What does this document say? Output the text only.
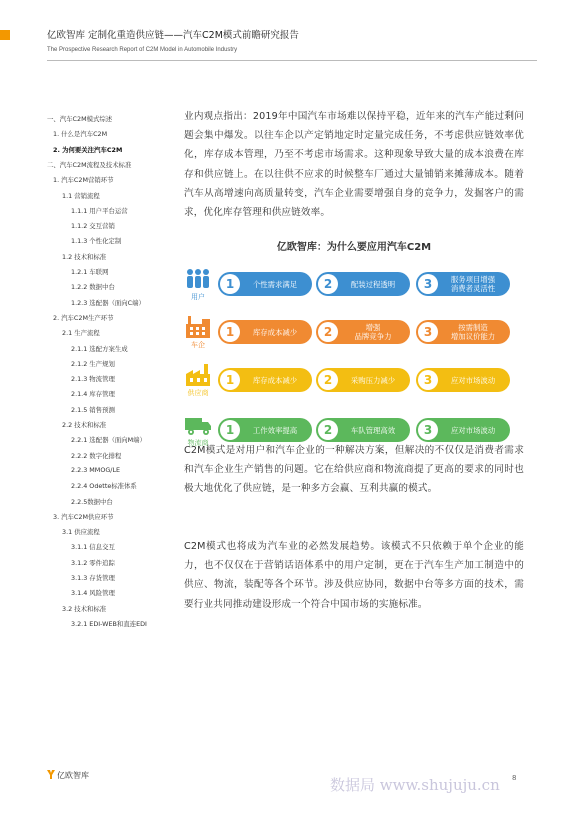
亿欧智库 定制化重造供应链——汽车C2M模式前瞻研究报告
The Prospective Research Report of C2M Model in Automobile Industry
一、汽车C2M模式综述
1. 什么是汽车C2M
2. 为何要关注汽车C2M
二、汽车C2M流程及技术标准
1. 汽车C2M营销环节
1.1 营销流程
1.1.1 用户平台运营
1.1.2 交互营销
1.1.3 个性化定制
1.2 技术和标准
1.2.1 车联网
1.2.2 数据中台
1.2.3 选配器（面向C端）
2. 汽车C2M生产环节
2.1 生产流程
2.1.1 选配方案生成
2.1.2 生产规划
2.1.3 物流管理
2.1.4 库存管理
2.1.5 销售预测
2.2 技术和标准
2.2.1 选配器（面向M端）
2.2.2 数字化排程
2.2.3 MMOG/LE
2.2.4 Odette标准体系
2.2.5数据中台
3. 汽车C2M供应环节
3.1 供应流程
3.1.1 信息交互
3.1.2 零件追踪
3.1.3 存货管理
3.1.4 风险管理
3.2 技术和标准
3.2.1 EDI-WEB和直连EDI
业内观点指出：2019年中国汽车市场难以保持平稳，近年来的汽车产能过剩问题会集中爆发。以往车企以产定销地定时定量完成任务，不考虑供应链效率优化，库存成本管理，乃至不考虑市场需求。这种现象导致大量的成本浪费在库存和供应链上。在以往供不应求的时候整车厂通过大量铺销来摊薄成本。随着汽车从高增速向高质量转变，汽车企业需要增强自身的竞争力，发掘客户的需求，优化库存管理和供应链效率。
亿欧智库：为什么要应用汽车C2M
用户
1	个性需求满足	2	配装过程透明	3	服务项目增强
消费者灵活性
车企
1	库存成本减少	2	增强
品牌竞争力	3	按需制造
增加议价能力
供应商
1	库存成本减少	2	采购压力减少	3	应对市场波动
物流商
1	工作效率提高	2	车队管理高效	3	应对市场波动
C2M模式是对用户和汽车企业的一种解决方案，但解决的不仅仅是消费者需求和汽车企业生产销售的问题。它在给供应商和物流商提了更高的要求的同时也极大地优化了供应链，是一种多方会赢、互利共赢的模式。
C2M模式也将成为汽车业的必然发展趋势。该模式不只依赖于单个企业的能力，也不仅仅在于营销话语体系中的用户定制，更在于汽车生产加工制造中的供应、物流，装配等各个环节。涉及供应协同，数据中台等多方面的技术，需要行业共同推动建设形成一个符合中国市场的实施标准。
亿欧智库
数据局 www.shujuju.cn 8
